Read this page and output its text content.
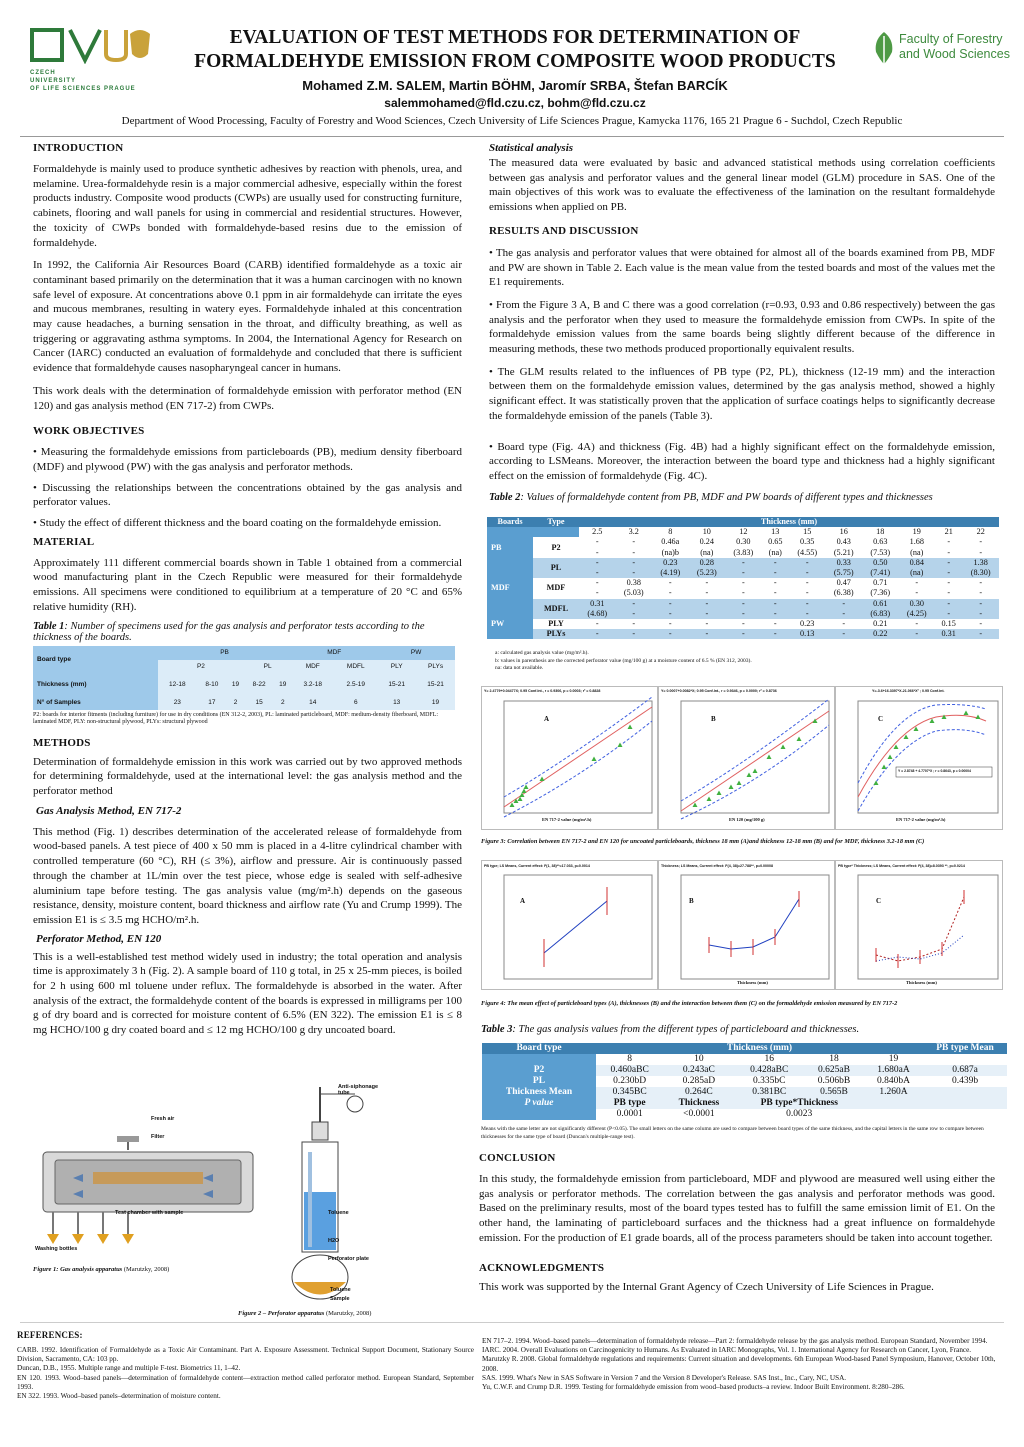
CZECH
UNIVERSITY
OF LIFE SCIENCES PRAGUE
EVALUATION OF TEST METHODS FOR DETERMINATION OF
FORMALDEHYDE EMISSION FROM COMPOSITE WOOD PRODUCTS
Mohamed Z.M. SALEM, Martin BÖHM, Jaromír SRBA, Štefan BARCÍK
salemmohamed@fld.czu.cz, bohm@fld.czu.cz
Department of Wood Processing, Faculty of Forestry and Wood Sciences, Czech University of Life Sciences Prague, Kamycka 1176, 165 21 Prague 6 - Suchdol, Czech Republic
Faculty of Forestry
and Wood Sciences
INTRODUCTION

Formaldehyde is mainly used to produce synthetic adhesives by reaction with phenols, urea, and melamine. Urea-formaldehyde resin is a major commercial adhesive, especially within the forest products industry. Composite wood products (CWPs) are usually used for constructing furniture, cabinets, flooring and wall panels for using in commercial and residential structures. However, the toxicity of CWPs bonded with formaldehyde-based resins due to the emission of formaldehyde.

In 1992, the California Air Resources Board (CARB) identified formaldehyde as a toxic air contaminant based primarily on the determination that it was a human carcinogen with no known safe level of exposure. At concentrations above 0.1 ppm in air formaldehyde can irritate the eyes and mucous membranes, resulting in watery eyes. Formaldehyde inhaled at this concentration may cause headaches, a burning sensation in the throat, and difficulty breathing, as well as triggering or aggravating asthma symptoms. In 2004, the International Agency for Research on Cancer (IARC) conducted an evaluation of formaldehyde and concluded that there is sufficient evidence that formaldehyde causes nasopharyngeal cancer in humans.

This work deals with the determination of formaldehyde emission with perforator method (EN 120) and gas analysis method (EN 717-2) from CWPs.

WORK OBJECTIVES

• Measuring the formaldehyde emissions from particleboards (PB), medium density fiberboard (MDF) and plywood (PW) with the gas analysis and perforator methods.

• Discussing the relationships between the concentrations obtained by the gas analysis and perforator values.

• Study the effect of different thickness and the board coating on the formaldehyde emission.

MATERIAL

Approximately 111 different commercial boards shown in Table 1 obtained from a commercial wood manufacturing plant in the Czech Republic were measured for their formaldehyde emissions. All specimens were conditioned to equilibrium at a temperature of 20 °C and 65% relative humidity (RH).

Table 1: Number of specimens used for the gas analysis and perforator tests according to the thickness of the boards.
Board type	PB					MDF		PW	
	P2			PL		MDF	MDFL	PLY	PLYs
Thickness (mm)	12-18	8-10	19	8-22	19	3.2-18	2.5-19	15-21	15-21
N° of Samples	23	17	2	15	2	14	6	13	19
P2: boards for interior fitments (including furniture) for use in dry conditions (EN 312-2, 2003), PL: laminated particleboard, MDF: medium-density fiberboard, MDFL: laminated MDF, PLY: non-structural plywood, PLYs: structural plywood
METHODS

Determination of formaldehyde emission in this work was carried out by two approved methods for determining formaldehyde, used at the international level: the gas analysis method and the perforator method

Gas Analysis Method, EN 717-2

This method (Fig. 1) describes determination of the accelerated release of formaldehyde from wood-based panels. A test piece of 400 x 50 mm is placed in a 4-litre cylindrical chamber with controlled temperature (60 °C), RH (≤ 3%), airflow and pressure. Air is continuously passed through the chamber at 1L/min over the test piece, whose edge is sealed with self-adhesive aluminium tape before testing. The gas analysis value (mg/m².h) depends on the gaseous resistance, density, moisture content, board thickness and airflow rate (Yu and Crump 1999). The emission E1 is ≤ 3.5 mg HCHO/m².h.

Perforator Method, EN 120

This is a well-established test method widely used in industry; the total operation and analysis time is approximately 3 h (Fig. 2). A sample board of 110 g total, in 25 x 25-mm pieces, is boiled for 2 h using 600 ml toluene under reflux. The formaldehyde is absorbed in the water. After analysis of the extract, the formaldehyde content of the boards is expressed in milligrams per 100 g of dry board and is corrected for moisture content of 6.5% (EN 322). The emission E1 is ≤ 8 mg HCHO/100 g dry coated board and ≤ 12 mg HCHO/100 g dry uncoated board.

Fresh air
Filter
Test chamber with sample
Washing bottles
Figure 1: Gas analysis apparatus (Marutzky, 2008)
Anti-siphonage tube
Toluene
H2O
Perforator plate
Toluene
Sample
Figure 2 – Perforator apparatus (Marutzky, 2008)
Statistical analysis

The measured data were evaluated by basic and advanced statistical methods using correlation coefficients between gas analysis and perforator values and the general linear model (GLM) procedure in SAS. One of the main objectives of this work was to evaluate the effectiveness of the lamination on the resultant formaldehyde emissions when applied on PB.

RESULTS AND DISCUSSION

• The gas analysis and perforator values that were obtained for almost all of the boards examined from PB, MDF and PW are shown in Table 2. Each value is the mean value from the tested boards and most of the values met the E1 requirements.

• From the Figure 3 A, B and C there was a good correlation (r=0.93, 0.93 and 0.86 respectively) between the gas analysis and the perforator when they used to measure the formaldehyde emission from CWPs. In spite of the formaldehyde emission values from the same boards being slightly different because of the difference in measuring methods, these two methods produced proportionally equivalent results.

• The GLM results related to the influences of PB type (P2, PL), thickness (12-19 mm) and the interaction between them on the formaldehyde emission values, determined by the gas analysis method, showed a highly significant effect. It was statistically proven that the application of surface coatings helps to significantly decrease the formaldehyde emission of the panels (Table 3).

• Board type (Fig. 4A) and thickness (Fig. 4B) had a highly significant effect on the formaldehyde emission, according to LSMeans. Moreover, the interaction between the board type and thickness had a highly significant effect on the emission of formaldehyde (Fig. 4C).

Table 2: Values of formaldehyde content from PB, MDF and PW boards of different types and thicknesses
Boards	Type	Thickness (mm)											
		2.5	3.2	8	10	12	13	15	16	18	19	21	22
PB	P2	-	-	0.46a	0.24	0.30	0.65	0.35	0.43	0.63	1.68	-	-
		-	-	(na)b	(na)	(3.83)	(na)	(4.55)	(5.21)	(7.53)	(na)	-	-
	PL	-	-	0.23	0.28	-	-	-	0.33	0.50	0.84	-	1.38
		-	-	(4.19)	(5.23)	-	-	-	(5.75)	(7.41)	(na)	-	(8.30)
MDF	MDF	-	0.38	-	-	-	-	-	0.47	0.71	-	-	-
		-	(5.03)	-	-	-	-	-	(6.38)	(7.36)	-	-	-
	MDFL	0.31	-	-	-	-	-	-	-	0.61	0.30	-	-
		(4.68)	-	-	-	-	-	-	-	(6.83)	(4.25)	-	-
PW	PLY	-	-	-	-	-	-	0.23	-	0.21	-	0.15	-
	PLYs	-	-	-	-	-	-	0.13	-	0.22	-	0.31	-
a: calculated gas analysis value (mg/m².h).
b: values in parenthesis are the corrected perforator value (mg/100 g) at a moisture content of 6.5 % (EN 312, 2003).
na: data not available.
Y= 2.4779+0.04477X; 0.95 Conf.Int., r = 0.9306, p = 0.0003; r² = 0.8828
A
EN 717-2 value (mg/m².h)
Y= 0.0007+0.0082*X; 0.95 Conf.Int., r = 0.9346, p = 0.0000; r² = 0.8736
B
EN 120 (mg/100 g)
Y=-3.6+16.3397*X-21.066*X² ; 0.95 Conf.Int.
C
Y = 2.8748 + 4.7707*X ; r = 0.8643, p = 0.00004
EN 717-2 value (mg/m².h)
Figure 3: Correlation between EN 717-2 and EN 120 for uncoated particleboards, thickness 18 mm (A)and thickness 12-18 mm (B) and for MDF, thickness 3.2-18 mm (C)
PB type; LS Means, Current effect: F(1, 38)**=17.033, p=0.0014
A
Thickness; LS Means, Current effect: F(4, 38)=27.788**, p=0.00008
B
Thickness (mm)
PB type* Thickness; LS Means, Current effect: F(4, 38)=8.0393 **, p=0.0214
C
Thickness (mm)
Figure 4: The mean effect of particleboard types (A), thicknesses (B) and the interaction between them (C) on the formaldehyde emission measured by EN 717-2
Table 3: The gas analysis values from the different types of particleboard and thicknesses.
Board type	Thickness (mm)					PB type Mean
	8	10	16	18	19	
P2	0.460aBC	0.243aC	0.428aBC	0.625aB	1.680aA	0.687a
PL	0.230bD	0.285aD	0.335bC	0.506bB	0.840bA	0.439b
Thickness Mean	0.345BC	0.264C	0.381BC	0.565B	1.260A	
P value	PB type	Thickness	PB type*Thickness			
	0.0001	<0.0001	0.0023			
Means with the same letter are not significantly different (P<0.05). The small letters on the same column are used to compare between board types of the same thickness, and the capital letters in the same row to compare between thicknesses for the same type of board (Duncan's multiple-range test).
CONCLUSION

In this study, the formaldehyde emission from particleboard, MDF and plywood are measured well using either the gas analysis or perforator methods. The correlation between the gas analysis and perforator methods was good. Based on the preliminary results, most of the board types tested has to fulfill the same emission limit of E1. On the other hand, the laminating of particleboard surfaces and the thickness had a great influence on formaldehyde emission. For the production of E1 grade boards, all of the process parameters should be taken into account together.

ACKNOWLEDGMENTS

This work was supported by the Internal Grant Agency of Czech University of Life Sciences in Prague.

REFERENCES:
CARB. 1992. Identification of Formaldehyde as a Toxic Air Contaminant. Part A. Exposure Assessment. Technical Support Document, Stationary Source Division, Sacramento, CA: 103 pp.
Duncan, D.B., 1955. Multiple range and multiple F-test. Biometrics 11, 1–42.
EN 120. 1993. Wood–based panels—determination of formaldehyde content—extraction method called perforator method. European Standard, September 1993.
EN 322. 1993. Wood–based panels–determination of moisture content.
EN 717–2. 1994. Wood–based panels—determination of formaldehyde release—Part 2: formaldehyde release by the gas analysis method. European Standard, November 1994.
IARC. 2004. Overall Evaluations on Carcinogenicity to Humans. As Evaluated in IARC Monographs, Vol. 1. International Agency for Research on Cancer, Lyon, France.
Marutzky R. 2008. Global formaldehyde regulations and requirements: Current situation and developments. 6th European Wood-based Panel Symposium, Hanover, October 10th, 2008.
SAS. 1999. What's New in SAS Software in Version 7 and the Version 8 Developer's Release. SAS Inst., Inc., Cary, NC, USA.
Yu, C.W.F. and Crump D.R. 1999. Testing for formaldehyde emission from wood–based products–a review. Indoor Built Environment. 8:280–286.
